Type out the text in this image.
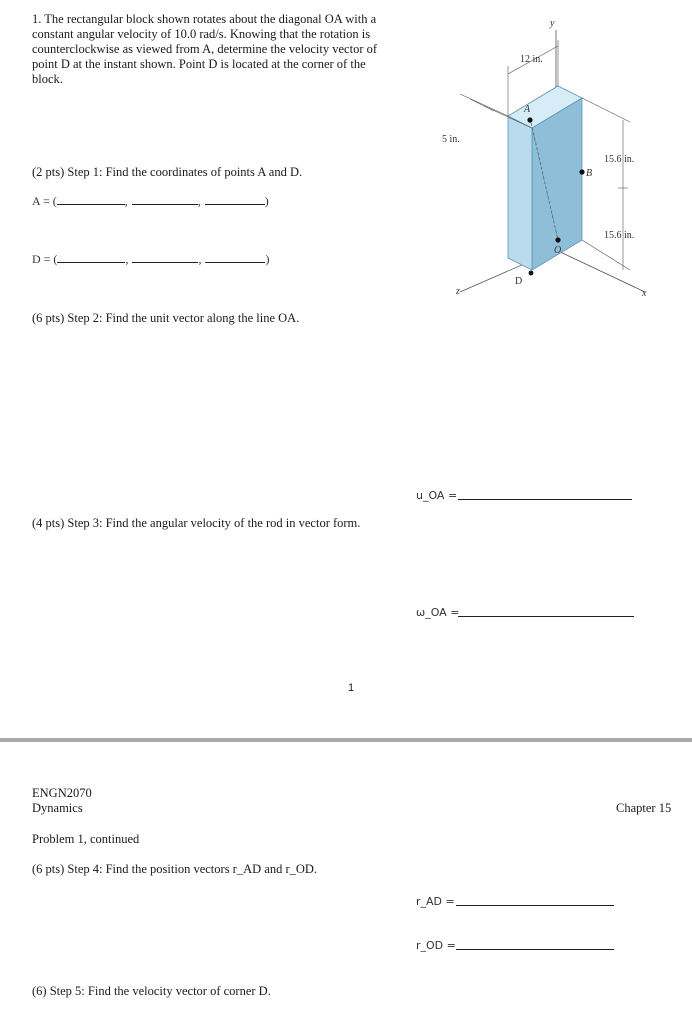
1. The rectangular block shown rotates about the diagonal OA with a constant angular velocity of 10.0 rad/s. Knowing that the rotation is counterclockwise as viewed from A, determine the velocity vector of point D at the instant shown. Point D is located at the corner of the block.
12 in.
5 in.
15.6 in.
15.6 in.
A
B
O
D
y
x
z
(2 pts) Step 1: Find the coordinates of points A and D.
A = (	,	,	)
D = (	,	,	)
(6 pts) Step 2: Find the unit vector along the line OA.
u_OA =
(4 pts) Step 3: Find the angular velocity of the rod in vector form.
ω_OA =
1
ENGN2070
Dynamics	Chapter 15
Problem 1, continued
(6 pts) Step 4: Find the position vectors r_AD and r_OD.
r_AD =
r_OD =
(6) Step 5: Find the velocity vector of corner D.
